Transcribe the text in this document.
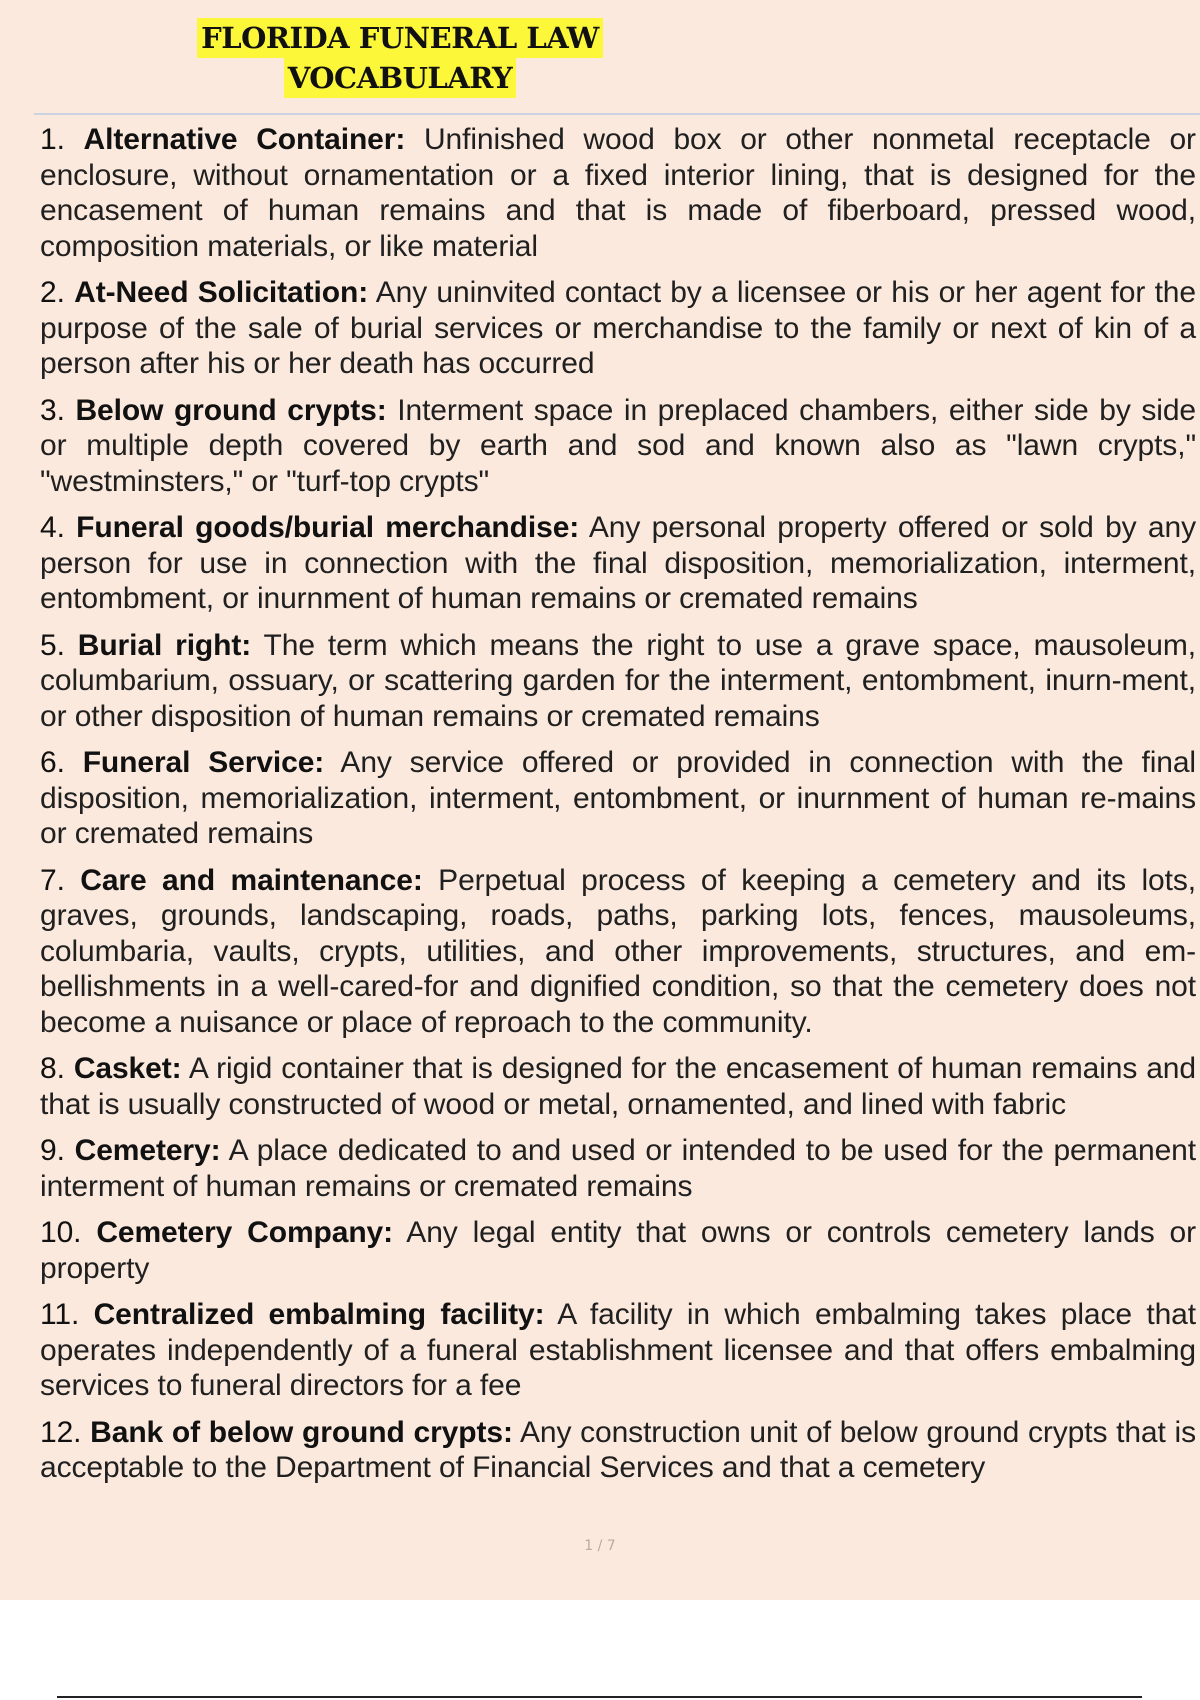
FLORIDA FUNERAL LAW
VOCABULARY

1. Alternative Container: Unfinished wood box or other nonmetal receptacle or enclosure, without ornamentation or a fixed interior lining, that is designed for the encasement of human remains and that is made of fiberboard, pressed wood, composition materials, or like material

2. At-Need Solicitation: Any uninvited contact by a licensee or his or her agent for the purpose of the sale of burial services or merchandise to the family or next of kin of a person after his or her death has occurred

3. Below ground crypts: Interment space in preplaced chambers, either side by side or multiple depth covered by earth and sod and known also as "lawn crypts," "westminsters," or "turf-top crypts"

4. Funeral goods/burial merchandise: Any personal property offered or sold by any person for use in connection with the final disposition, memorialization, interment, entombment, or inurnment of human remains or cremated remains

5. Burial right: The term which means the right to use a grave space, mausoleum, columbarium, ossuary, or scattering garden for the interment, entombment, inurn-ment, or other disposition of human remains or cremated remains

6. Funeral Service: Any service offered or provided in connection with the final disposition, memorialization, interment, entombment, or inurnment of human re-mains or cremated remains

7. Care and maintenance: Perpetual process of keeping a cemetery and its lots, graves, grounds, landscaping, roads, paths, parking lots, fences, mausoleums, columbaria, vaults, crypts, utilities, and other improvements, structures, and em-bellishments in a well-cared-for and dignified condition, so that the cemetery does not become a nuisance or place of reproach to the community.

8. Casket: A rigid container that is designed for the encasement of human remains and that is usually constructed of wood or metal, ornamented, and lined with fabric

9. Cemetery: A place dedicated to and used or intended to be used for the permanent interment of human remains or cremated remains

10. Cemetery Company: Any legal entity that owns or controls cemetery lands or property

11. Centralized embalming facility: A facility in which embalming takes place that operates independently of a funeral establishment licensee and that offers embalming services to funeral directors for a fee

12. Bank of below ground crypts: Any construction unit of below ground crypts that is acceptable to the Department of Financial Services and that a cemetery

1 / 7
